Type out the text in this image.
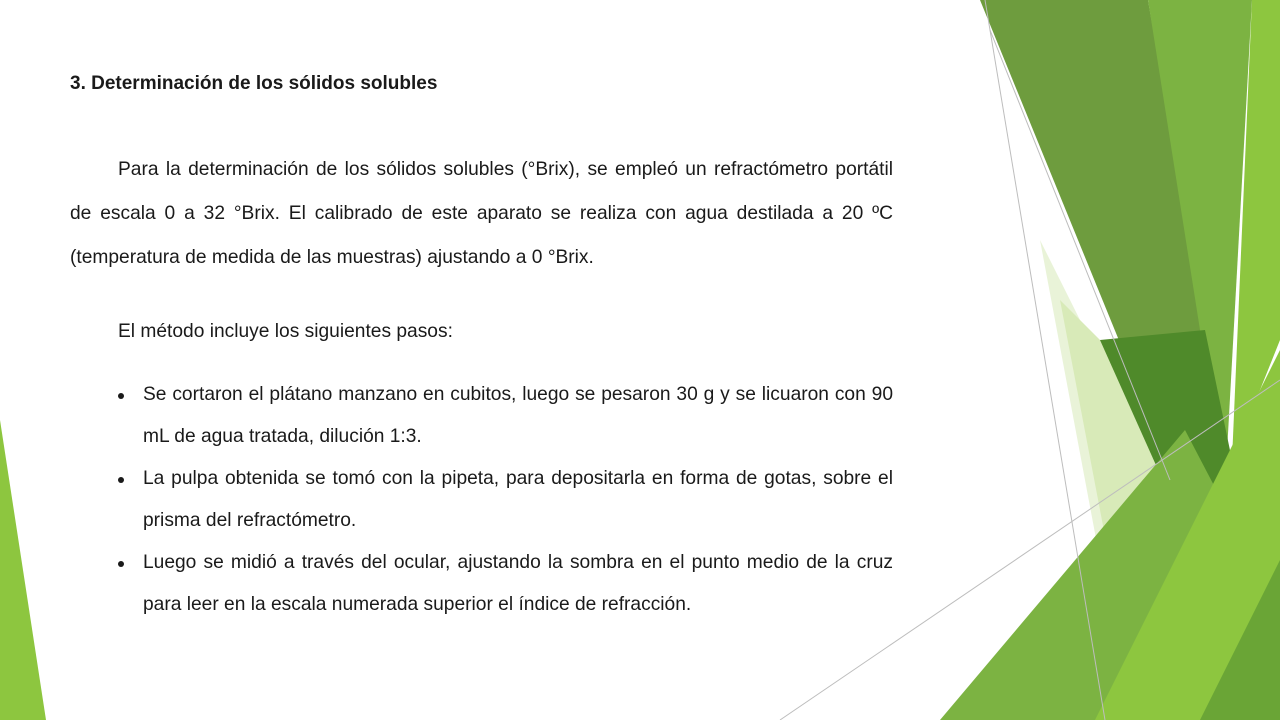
3. Determinación de los sólidos solubles

Para la determinación de los sólidos solubles (°Brix), se empleó un refractómetro portátil de escala 0 a 32 °Brix. El calibrado de este aparato se realiza con agua destilada a 20 ºC (temperatura de medida de las muestras) ajustando a 0 °Brix.

El método incluye los siguientes pasos:

Se cortaron el plátano manzano en cubitos, luego se pesaron 30 g y se licuaron con 90 mL de agua tratada, dilución 1:3.
La pulpa obtenida se tomó con la pipeta, para depositarla en forma de gotas, sobre el prisma del refractómetro.
Luego se midió a través del ocular, ajustando la sombra en el punto medio de la cruz para leer en la escala numerada superior el índice de refracción.
